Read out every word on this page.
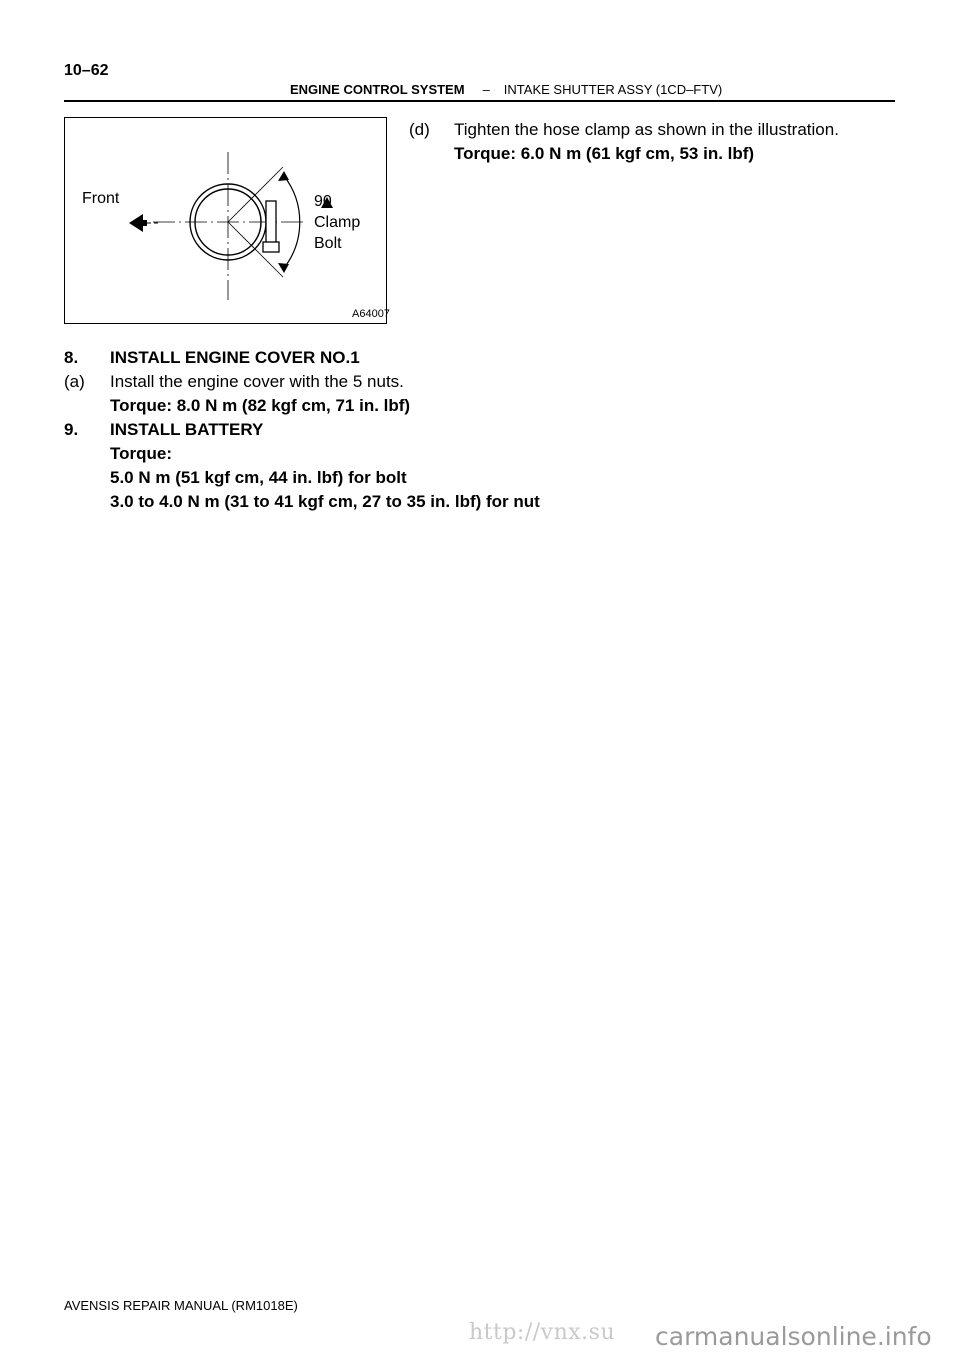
10–62
ENGINE CONTROL SYSTEM – INTAKE SHUTTER ASSY (1CD–FTV)
Front	90
Clamp
Bolt
A64007
(d) Tighten the hose clamp as shown in the illustration.
Torque: 6.0 N m (61 kgf cm, 53 in. lbf)
8. INSTALL ENGINE COVER NO.1
(a) Install the engine cover with the 5 nuts.
Torque: 8.0 N m (82 kgf cm, 71 in. lbf)
9. INSTALL BATTERY
Torque:
5.0 N m (51 kgf cm, 44 in. lbf) for bolt
3.0 to 4.0 N m (31 to 41 kgf cm, 27 to 35 in. lbf) for nut
AVENSIS REPAIR MANUAL (RM1018E)
http://vnx.su carmanualsonline.info
